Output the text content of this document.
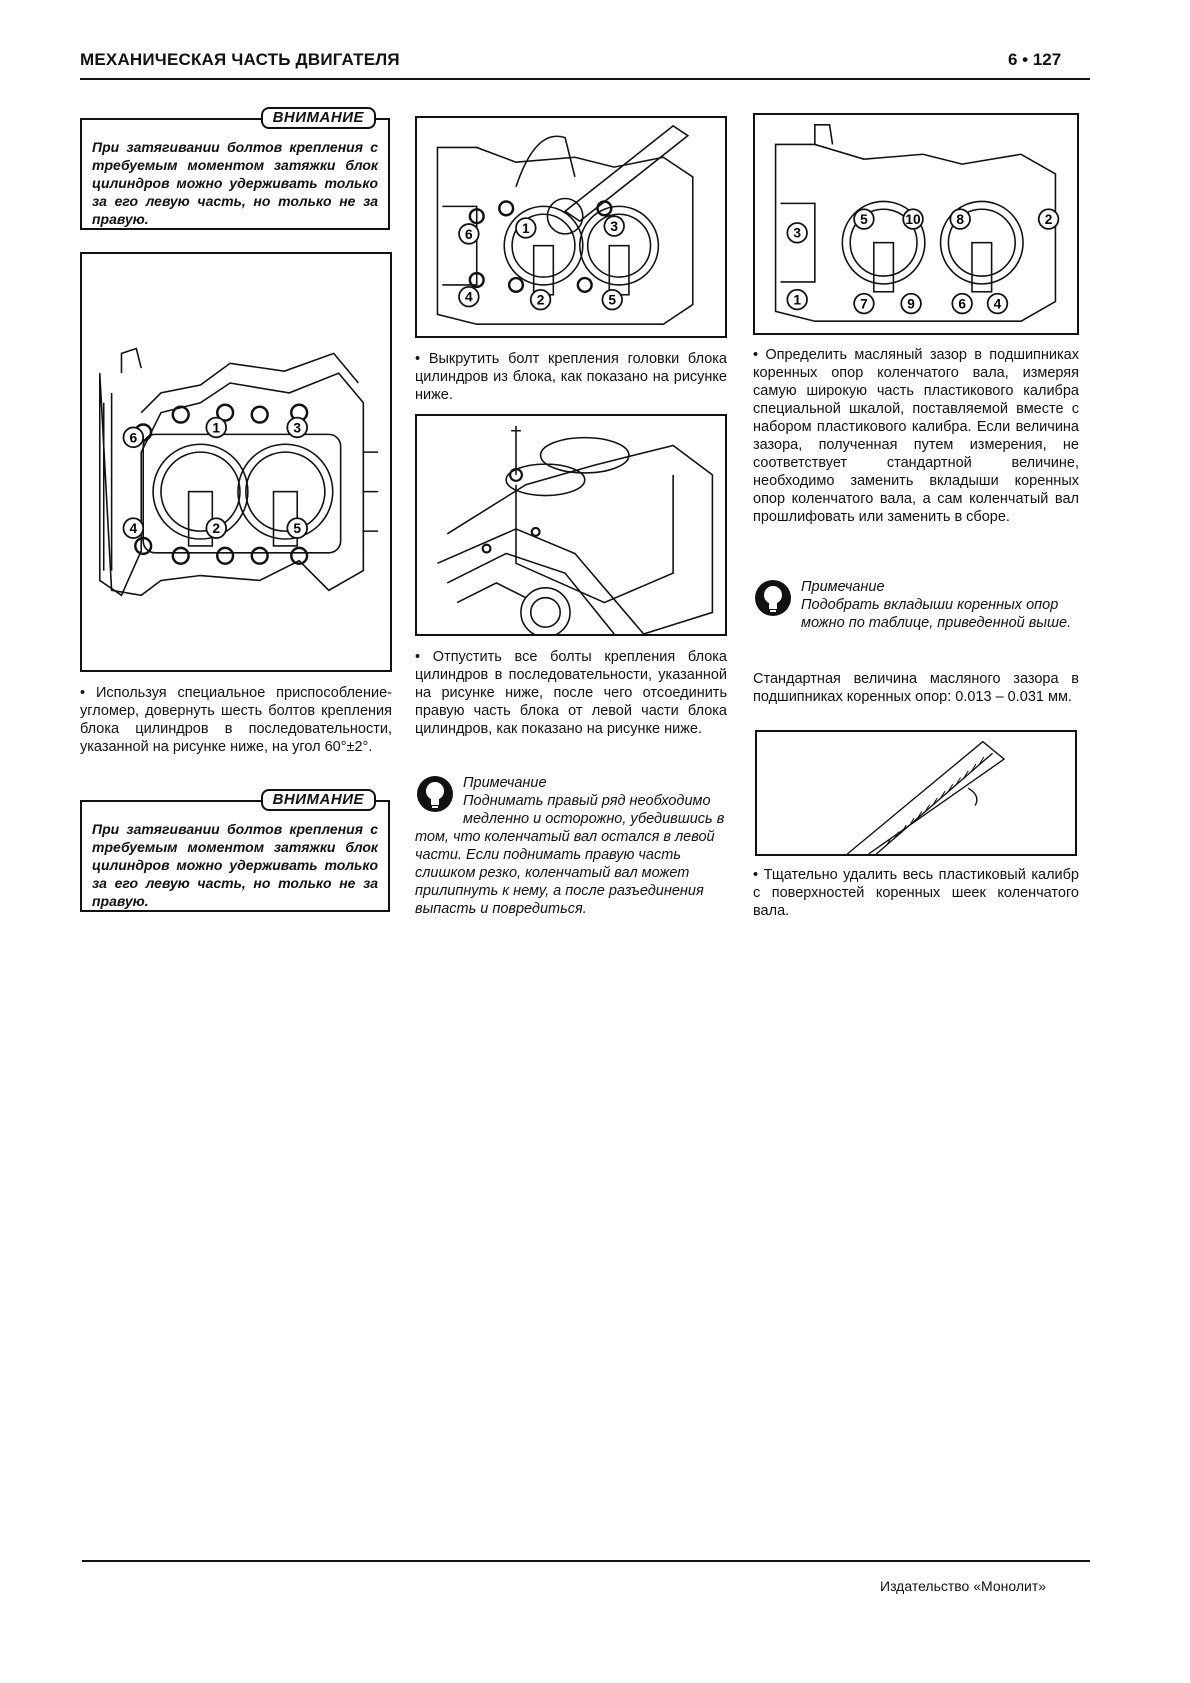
МЕХАНИЧЕСКАЯ ЧАСТЬ ДВИГАТЕЛЯ	6 • 127
ВНИМАНИЕ
При затягивании болтов крепления с требуемым моментом затяжки блок цилиндров можно удерживать только за его левую часть, но только не за правую.
1
2
3
4	5
6
• Используя специальное приспособление-угломер, довернуть шесть болтов крепления блока цилиндров в последовательности, указанной на рисунке ниже, на угол 60°±2°.
ВНИМАНИЕ
При затягивании болтов крепления с требуемым моментом затяжки блок цилиндров можно удерживать только за его левую часть, но только не за правую.
1
2
3
4	5
6
• Выкрутить болт крепления головки блока цилиндров из блока, как показано на рисунке ниже.
• Отпустить все болты крепления блока цилиндров в последовательности, указанной на рисунке ниже, после чего отсоединить правую часть блока от левой части блока цилиндров, как показано на рисунке ниже.
Примечание
Поднимать правый ряд необходимо медленно и осторожно, убедившись в том, что коленчатый вал остался в левой части. Если поднимать правую часть слишком резко, коленчатый вал может прилипнуть к нему, а после разъединения выпасть и повредиться.
1
2
3
4
5
6
7
8
9
10
• Определить масляный зазор в подшипниках коренных опор коленчатого вала, измеряя самую широкую часть пластикового калибра специальной шкалой, поставляемой вместе с набором пластикового калибра. Если величина зазора, полученная путем измерения, не соответствует стандартной величине, необходимо заменить вкладыши коренных опор коленчатого вала, а сам коленчатый вал прошлифовать или заменить в сборе.
Примечание
Подобрать вкладыши коренных опор можно по таблице, приведенной выше.
Стандартная величина масляного зазора в подшипниках коренных опор: 0.013 – 0.031 мм.
• Тщательно удалить весь пластиковый калибр с поверхностей коренных шеек коленчатого вала.
Издательство «Монолит»
